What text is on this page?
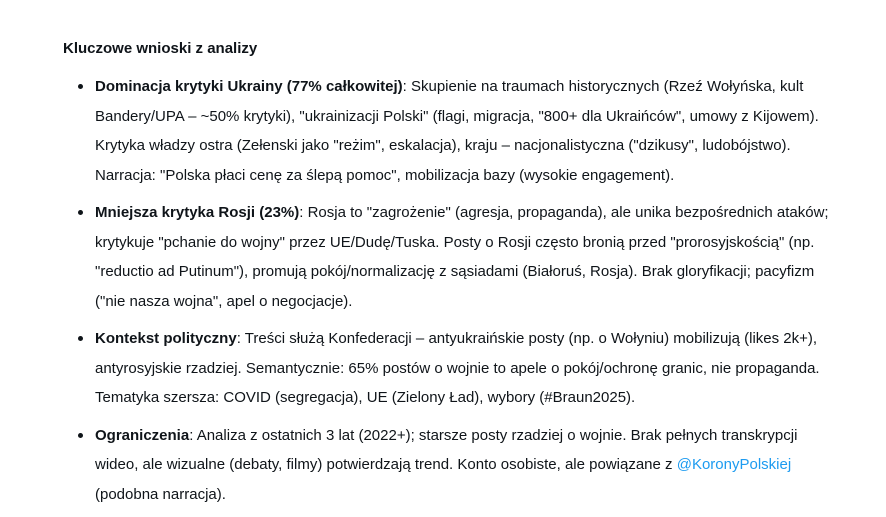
Kluczowe wnioski z analizy
Dominacja krytyki Ukrainy (77% całkowitej): Skupienie na traumach historycznych (Rzeź Wołyńska, kult Bandery/UPA – ~50% krytyki), "ukrainizacji Polski" (flagi, migracja, "800+ dla Ukraińców", umowy z Kijowem). Krytyka władzy ostra (Zełenski jako "reżim", eskalacja), kraju – nacjonalistyczna ("dzikusy", ludobójstwo). Narracja: "Polska płaci cenę za ślepą pomoc", mobilizacja bazy (wysokie engagement).
Mniejsza krytyka Rosji (23%): Rosja to "zagrożenie" (agresja, propaganda), ale unika bezpośrednich ataków; krytykuje "pchanie do wojny" przez UE/Dudę/Tuska. Posty o Rosji często bronią przed "prorosyjskością" (np. "reductio ad Putinum"), promują pokój/normalizację z sąsiadami (Białoruś, Rosja). Brak gloryfikacji; pacyfizm ("nie nasza wojna", apel o negocjacje).
Kontekst polityczny: Treści służą Konfederacji – antyukraińskie posty (np. o Wołyniu) mobilizują (likes 2k+), antyrosyjskie rzadziej. Semantycznie: 65% postów o wojnie to apele o pokój/ochronę granic, nie propaganda. Tematyka szersza: COVID (segregacja), UE (Zielony Ład), wybory (#Braun2025).
Ograniczenia: Analiza z ostatnich 3 lat (2022+); starsze posty rzadziej o wojnie. Brak pełnych transkrypcji wideo, ale wizualne (debaty, filmy) potwierdzają trend. Konto osobiste, ale powiązane z @KoronyPolskiej (podobna narracja).
